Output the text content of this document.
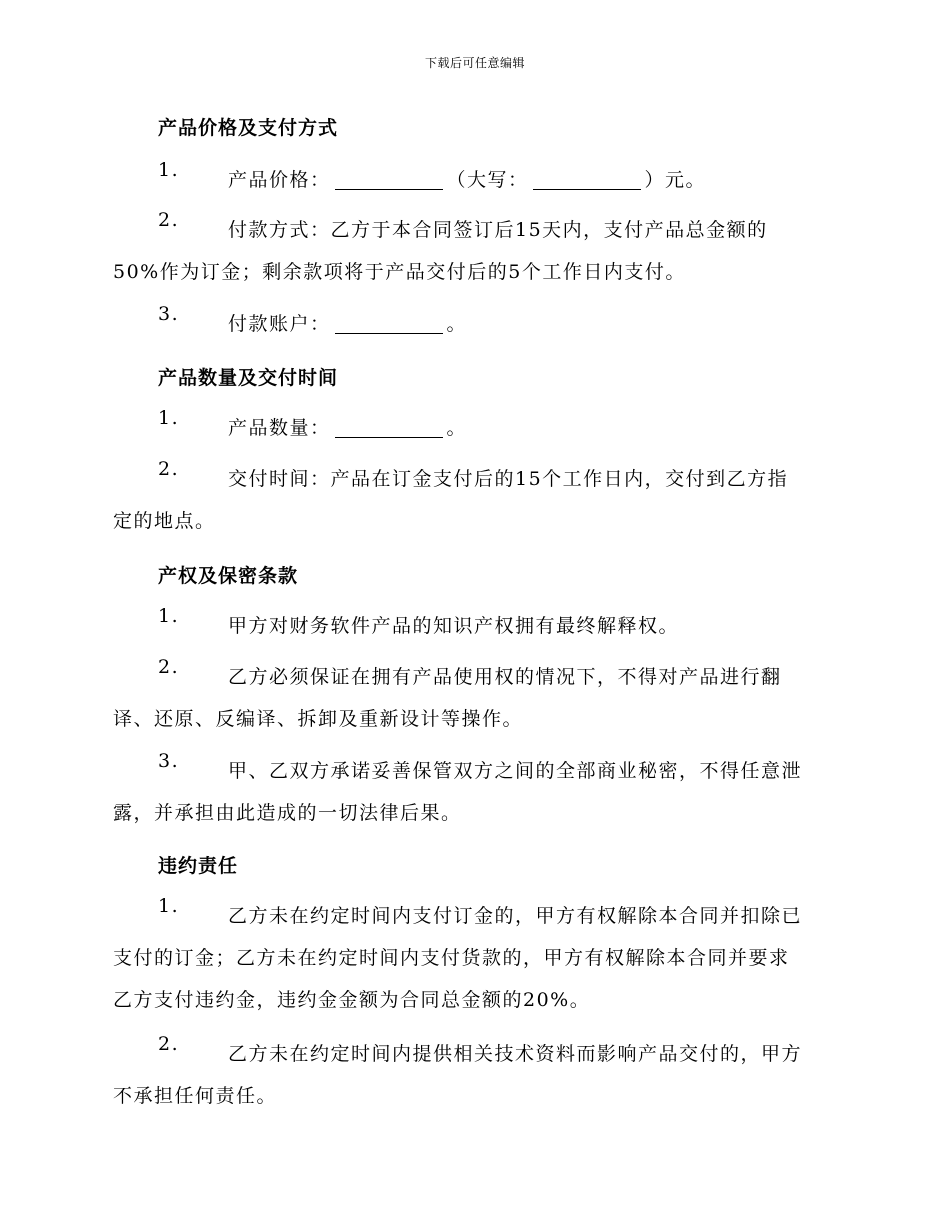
下载后可任意编辑
产品价格及支付方式
1.	产品价格：	（大写：	）元。
2.	付款方式：乙方于本合同签订后15天内，支付产品总金额的
50%作为订金；剩余款项将于产品交付后的5个工作日内支付。
3.	付款账户：	。
产品数量及交付时间
1.	产品数量：	。
2.	交付时间：产品在订金支付后的15个工作日内，交付到乙方指
定的地点。
产权及保密条款
1.	甲方对财务软件产品的知识产权拥有最终解释权。
2.	乙方必须保证在拥有产品使用权的情况下，不得对产品进行翻
译、还原、反编译、拆卸及重新设计等操作。
3.	甲、乙双方承诺妥善保管双方之间的全部商业秘密，不得任意泄
露，并承担由此造成的一切法律后果。
违约责任
1.	乙方未在约定时间内支付订金的，甲方有权解除本合同并扣除已
支付的订金；乙方未在约定时间内支付货款的，甲方有权解除本合同并要求
乙方支付违约金，违约金金额为合同总金额的20%。
2.	乙方未在约定时间内提供相关技术资料而影响产品交付的，甲方
不承担任何责任。
